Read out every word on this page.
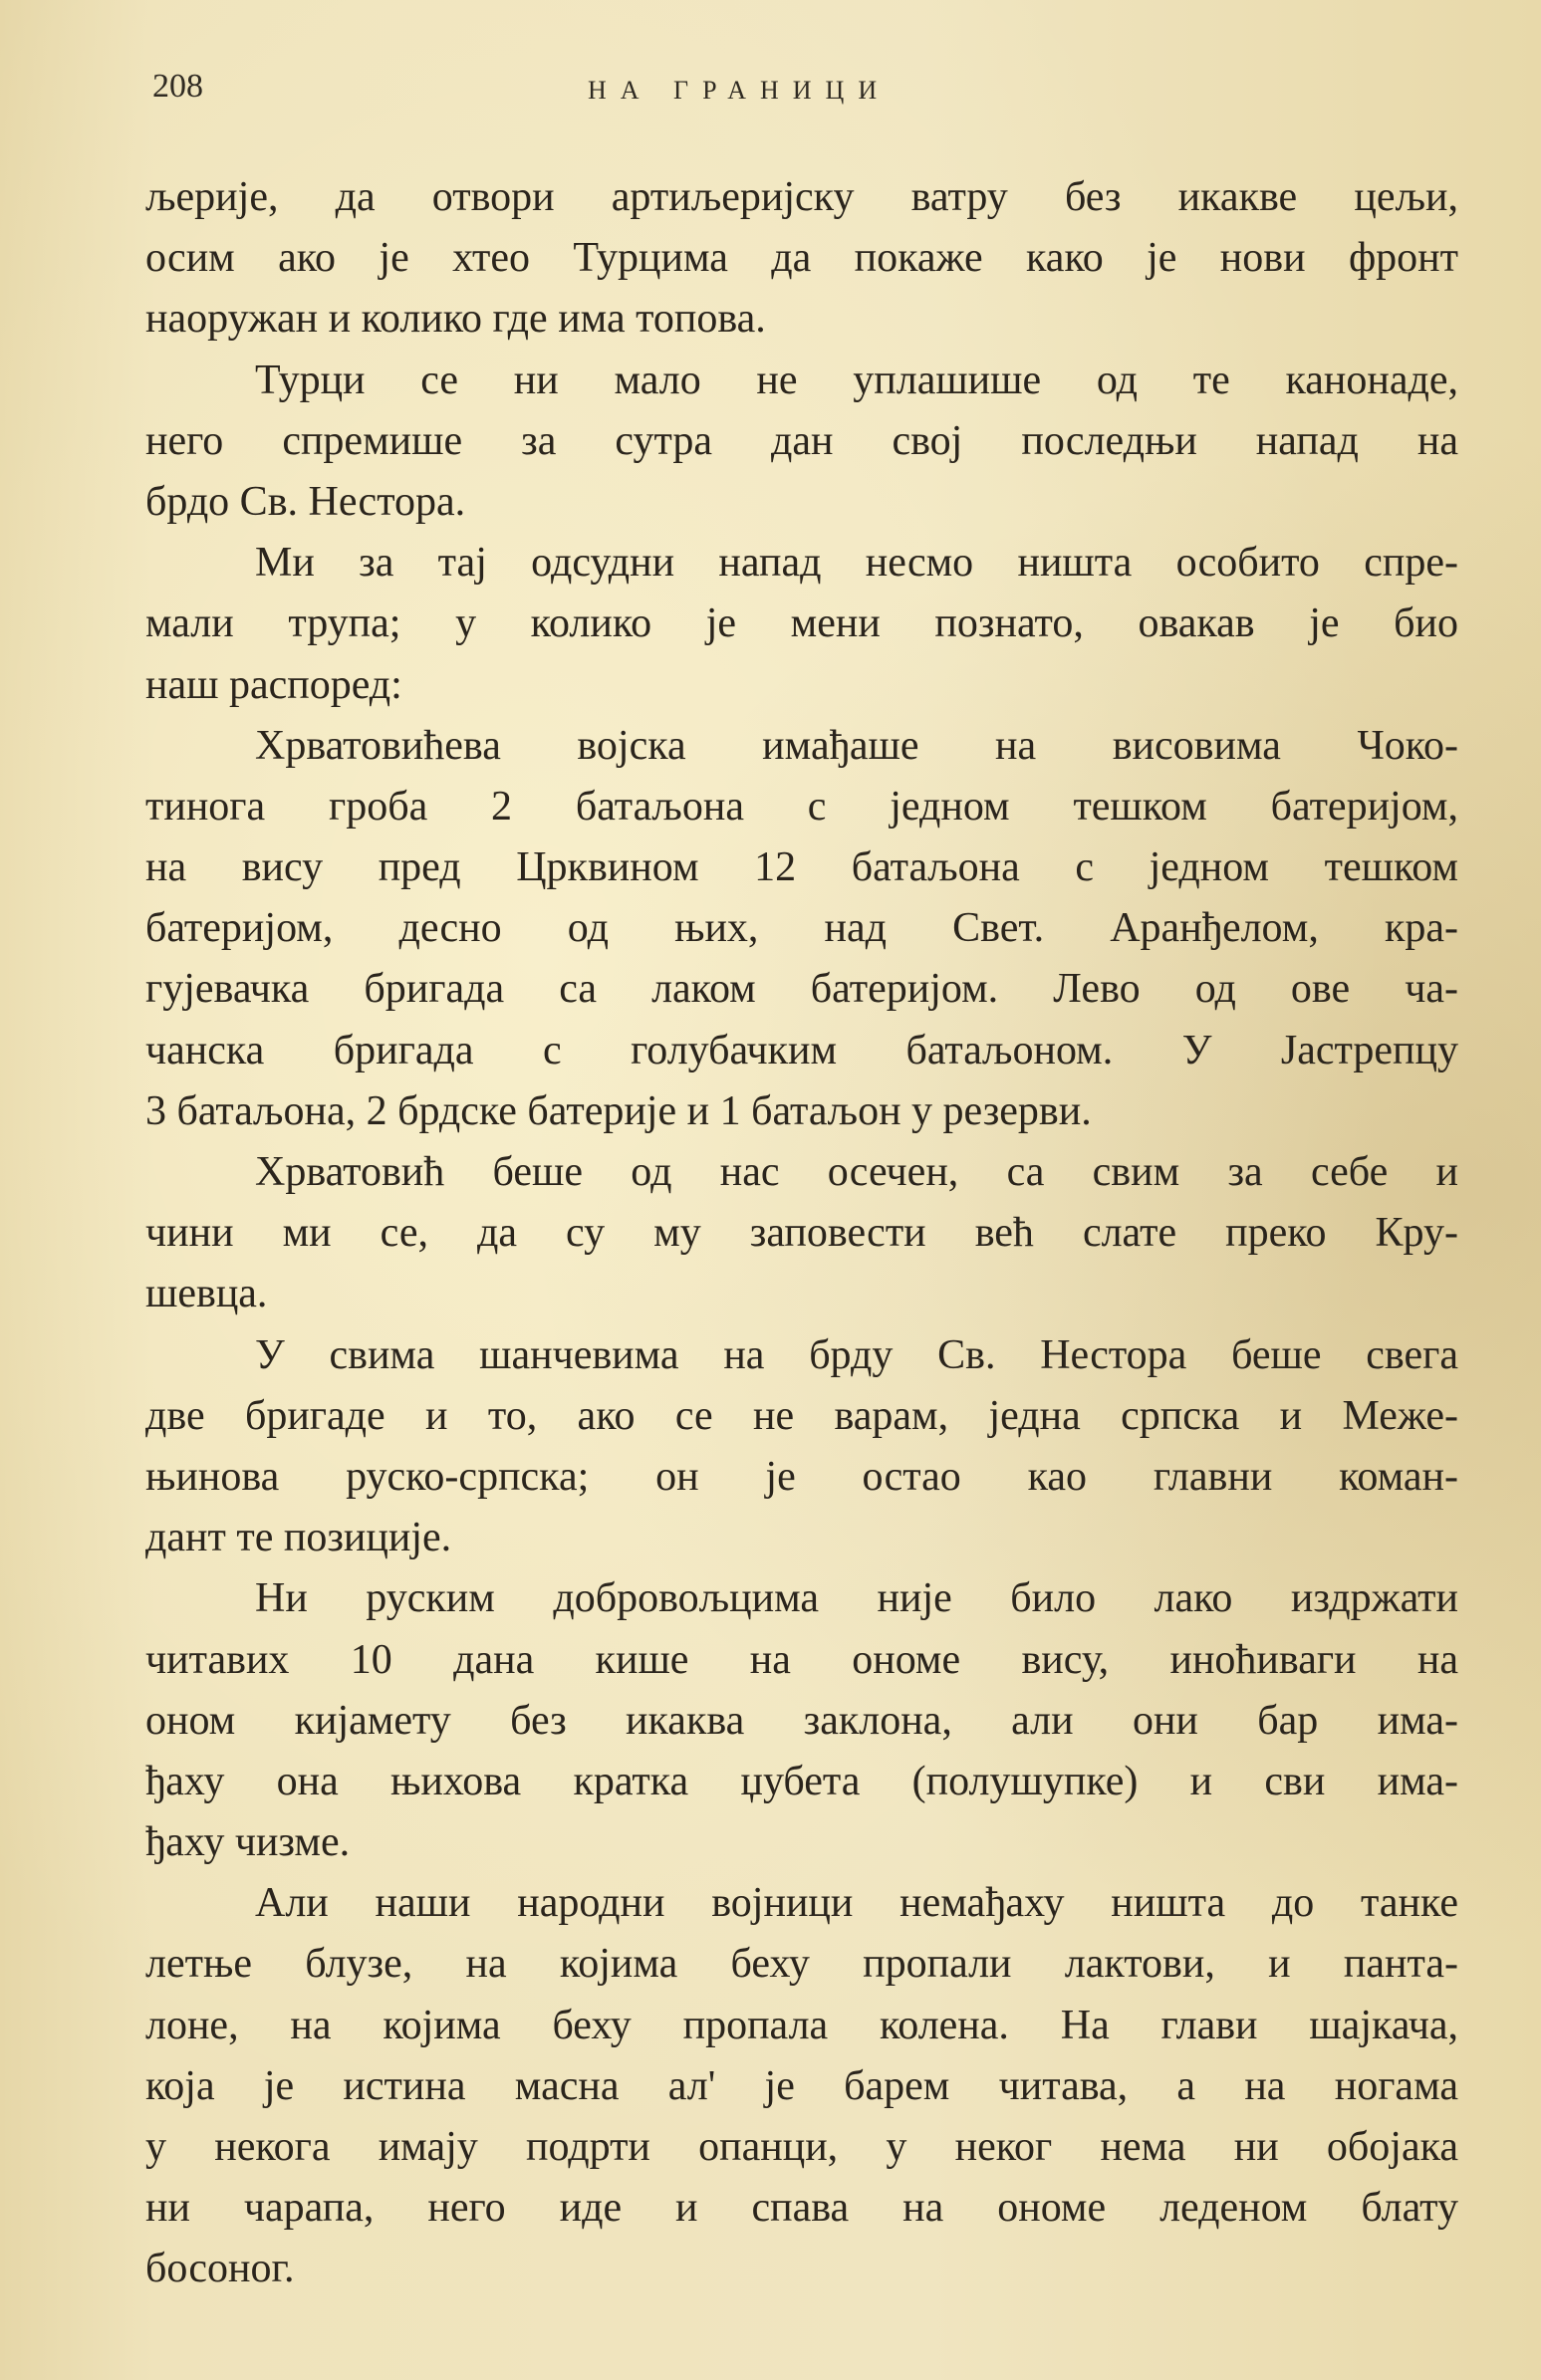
208	НА ГРАНИЦИ
љерије, да отвори артиљеријску ватру без икакве цељи,
осим ако је хтео Турцима да покаже како је нови фронт
наоружан и колико где има топова.
Турци се ни мало не уплашише од те канонаде,
него спремише за сутра дан свој последњи напад на
брдо Св. Нестора.
Ми за тај одсудни напад несмо ништа особито спре-
мали трупа; у колико је мени познато, овакав је био
наш распоред:
Хрватовићева војска имађаше на висовима Чоко-
тинога гроба 2 батаљона с једном тешком батеријом,
на вису пред Црквином 12 батаљона с једном тешком
батеријом, десно од њих, над Свет. Аранђелом, кра-
гујевачка бригада са лаком батеријом. Лево од ове ча-
чанска бригада с голубачким батаљоном. У Јастрепцу
3 батаљона, 2 брдске батерије и 1 батаљон у резерви.
Хрватовић беше од нас осечен, са свим за себе и
чини ми се, да су му заповести већ слате преко Кру-
шевца.
У свима шанчевима на брду Св. Нестора беше свега
две бригаде и то, ако се не варам, једна српска и Меже-
њинова руско-српска; он је остао као главни коман-
дант те позиције.
Ни руским добровољцима није било лако издржати
читавих 10 дана кише на ономе вису, иноћиваги на
оном кијамету без икаква заклона, али они бар има-
ђаху она њихова кратка џубета (полушупке) и сви има-
ђаху чизме.
Али наши народни војници немађаху ништа до танке
летње блузе, на којима беху пропали лактови, и панта-
лоне, на којима беху пропала колена. На глави шајкача,
која је истина масна ал' је барем читава, а на ногама
у некога имају подрти опанци, у неког нема ни обојака
ни чарапа, него иде и спава на ономе леденом блату
босоног.
